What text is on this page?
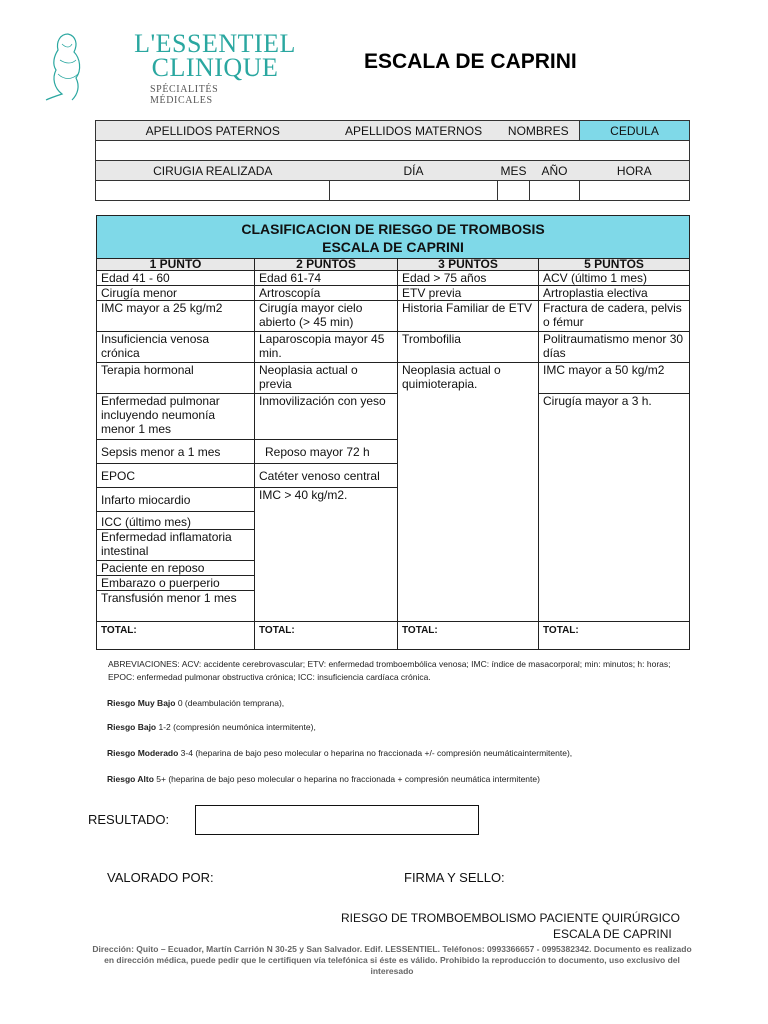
L'ESSENTIEL
CLINIQUE
SPÉCIALITÉS MÉDICALES
ESCALA DE CAPRINI
APELLIDOS PATERNOS	APELLIDOS MATERNOS	NOMBRES		CEDULA

CIRUGIA REALIZADA	DÍA	MES	AÑO	HORA

CLASIFICACION DE RIESGO DE TROMBOSIS
ESCALA DE CAPRINI			

1 PUNTO	2 PUNTOS	3 PUNTOS	5 PUNTOS
Edad 41 - 60	Edad 61-74	Edad > 75 años	ACV (último 1 mes)
Cirugía menor	Artroscopía	ETV previa	Artroplastia electiva
IMC mayor a 25 kg/m2	Cirugía mayor cielo abierto (> 45 min)	Historia Familiar de ETV	Fractura de cadera, pelvis o fémur
Insuficiencia venosa crónica	Laparoscopia mayor 45 min.	Trombofilia	Politraumatismo menor 30 días
Terapia hormonal	Neoplasia actual o previa	Neoplasia actual o quimioterapia.	IMC mayor a 50 kg/m2
Enfermedad pulmonar incluyendo neumonía menor 1 mes	Inmovilización con yeso		Cirugía mayor a 3 h.
Sepsis menor a 1 mes	Reposo mayor 72 h		
EPOC	Catéter venoso central		
Infarto miocardio	IMC > 40 kg/m2.		
ICC (último mes)			
Enfermedad inflamatoria intestinal			
Paciente en reposo			
Embarazo o puerperio			
Transfusión menor 1 mes			
TOTAL:	TOTAL:	TOTAL:	TOTAL:
ABREVIACIONES: ACV: accidente cerebrovascular; ETV: enfermedad tromboembólica venosa; IMC: índice de masacorporal; min: minutos; h: horas; EPOC: enfermedad pulmonar obstructiva crónica; ICC: insuficiencia cardíaca crónica.
Riesgo Muy Bajo 0 (deambulación temprana),
Riesgo Bajo 1-2 (compresión neumónica intermitente),
Riesgo Moderado 3-4 (heparina de bajo peso molecular o heparina no fraccionada +/- compresión neumáticaintermitente),
Riesgo Alto 5+ (heparina de bajo peso molecular o heparina no fraccionada + compresión neumática intermitente)
RESULTADO:
VALORADO POR:	FIRMA Y SELLO:
RIESGO DE TROMBOEMBOLISMO PACIENTE QUIRÚRGICO
ESCALA DE CAPRINI
Dirección: Quito – Ecuador, Martín Carrión N 30-25 y San Salvador. Edif. LESSENTIEL. Teléfonos: 0993366657 - 0995382342. Documento es realizado en dirección médica, puede pedir que le certifiquen vía telefónica si éste es válido. Prohibido la reproducción to documento, uso exclusivo del interesado
